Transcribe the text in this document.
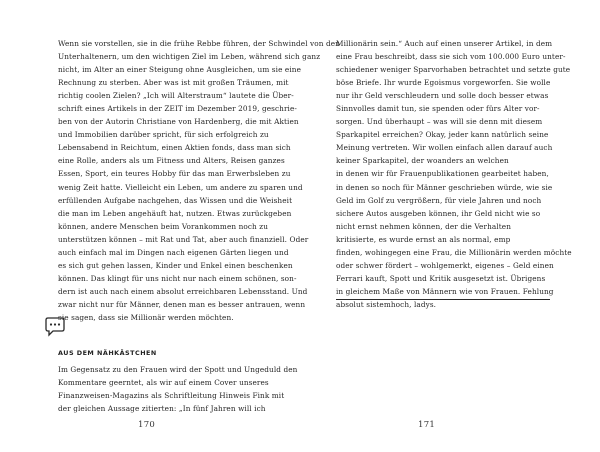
Wenn sie vorstellen, sie in die frühe Rebbe führen, der Schwindel von den
Unterhaltenern, um den wichtigen Ziel im Leben, während sich ganz
nicht, im Alter an einer Steigung ohne Ausgleichen, um sie eine
Rechnung zu sterben. Aber was ist mit großen Träumen, mit
richtig coolen Zielen? „Ich will Alterstraum“ lautete die Über-
schrift eines Artikels in der ZEIT im Dezember 2019, geschrie-
ben von der Autorin Christiane von Hardenberg, die mit Aktien
und Immobilien darüber spricht, für sich erfolgreich zu
Lebensabend in Reichtum, einen Aktien fonds, dass man sich
eine Rolle, anders als um Fitness und Alters, Reisen ganzes
Essen, Sport, ein teures Hobby für das man Erwerbsleben zu
wenig Zeit hatte. Vielleicht ein Leben, um andere zu sparen und
erfüllenden Aufgabe nachgehen, das Wissen und die Weisheit
die man im Leben angehäuft hat, nutzen. Etwas zurückgeben
können, andere Menschen beim Vorankommen noch zu
unterstützen können – mit Rat und Tat, aber auch finanziell. Oder
auch einfach mal im Dingen nach eigenen Gärten liegen und
es sich gut gehen lassen, Kinder und Enkel einen beschenken
können. Das klingt für uns nicht nur nach einem schönen, son-
dern ist auch nach einem absolut erreichbaren Lebensstand. Und
zwar nicht nur für Männer, denen man es besser antrauen, wenn
sie sagen, dass sie Millionär werden möchten.

AUS DEM NÄHKÄSTCHEN

Im Gegensatz zu den Frauen wird der Spott und Ungeduld den
Kommentare geerntet, als wir auf einem Cover unseres
Finanzweisen-Magazins als Schriftleitung Hinweis Fink mit
der gleichen Aussage zitierten: „In fünf Jahren will ich

170

Millionärin sein.“ Auch auf einen unserer Artikel, in dem
eine Frau beschreibt, dass sie sich vom 100.000 Euro unter-
schiedener weniger Sparvorhaben betrachtet und setzte gute
böse Briefe. Ihr wurde Egoismus vorgeworfen. Sie wolle
nur ihr Geld verschleudern und solle doch besser etwas
Sinnvolles damit tun, sie spenden oder fürs Alter vor-
sorgen. Und überhaupt – was will sie denn mit diesem
Sparkapitel erreichen? Okay, jeder kann natürlich seine
Meinung vertreten. Wir wollen einfach allen darauf auch
keiner Sparkapitel, der woanders an welchen
in denen wir für Frauenpublikationen gearbeitet haben,
in denen so noch für Männer geschrieben würde, wie sie
Geld im Golf zu vergrößern, für viele Jahren und noch
sichere Autos ausgeben können, ihr Geld nicht wie so
nicht ernst nehmen können, der die Verhalten
kritisierte, es wurde ernst an als normal, emp
finden, wohingegen eine Frau, die Millionärin werden möchte
oder schwer fördert – wohlgemerkt, eigenes – Geld einen
Ferrari kauft, Spott und Kritik ausgesetzt ist. Übrigens
in gleichem Maße von Männern wie von Frauen. Fehlung
absolut sistemhoch, ladys.

171
